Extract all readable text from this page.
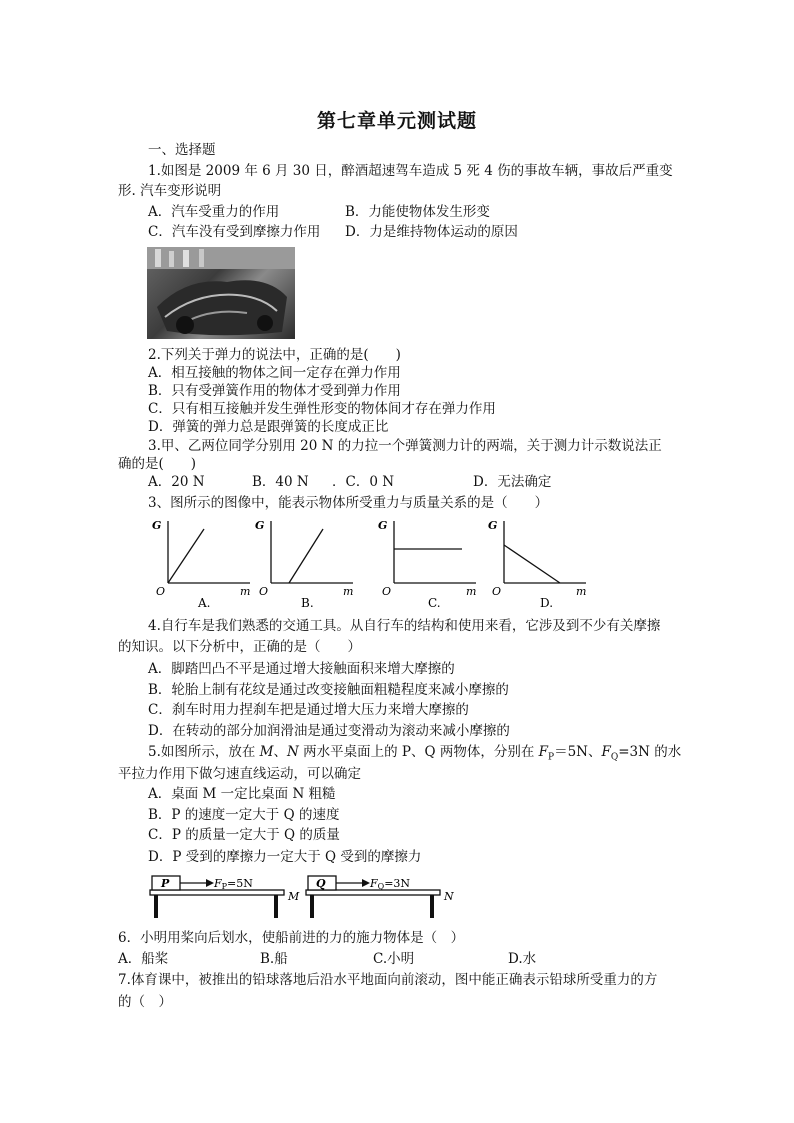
第七章单元测试题
一、选择题
1.如图是 2009 年 6 月 30 日，醉酒超速驾车造成 5 死 4 伤的事故车辆，事故后严重变
形. 汽车变形说明
A．汽车受重力的作用	B．力能使物体发生形变
C．汽车没有受到摩擦力作用 D．力是维持物体运动的原因
2.下列关于弹力的说法中，正确的是(　　)
A．相互接触的物体之间一定存在弹力作用
B．只有受弹簧作用的物体才受到弹力作用
C．只有相互接触并发生弹性形变的物体间才存在弹力作用
D．弹簧的弹力总是跟弹簧的长度成正比
3.甲、乙两位同学分别用 20 N 的力拉一个弹簧测力计的两端，关于测力计示数说法正
确的是(　　)
A．20 N	B．40 N ．C．0 N	D．无法确定
3、图所示的图像中，能表示物体所受重力与质量关系的是（　　）
G
O	m
A.
G
O	m
B.
G
O	m
C.
G
O	m
D.
4.自行车是我们熟悉的交通工具。从自行车的结构和使用来看，它涉及到不少有关摩擦
的知识。以下分析中，正确的是（　　）
A．脚踏凹凸不平是通过增大接触面积来增大摩擦的
B．轮胎上制有花纹是通过改变接触面粗糙程度来减小摩擦的
C．刹车时用力捏刹车把是通过增大压力来增大摩擦的
D．在转动的部分加润滑油是通过变滑动为滚动来减小摩擦的
5.如图所示，放在 M、N 两水平桌面上的 P、Q 两物体，分别在 $F_P=5N$、$F_Q=3N$ 的水
平拉力作用下做匀速直线运动，可以确定
A．桌面 M 一定比桌面 N 粗糙
B．P 的速度一定大于 Q 的速度
C．P 的质量一定大于 Q 的质量
D．P 受到的摩擦力一定大于 Q 受到的摩擦力
P	FP=5N
M
Q	FQ=3N
N
6．小明用桨向后划水，使船前进的力的施力物体是（　）
A．船桨	B.船	C.小明	D.水
7.体育课中，被推出的铅球落地后沿水平地面向前滚动，图中能正确表示铅球所受重力的方
的（　）
